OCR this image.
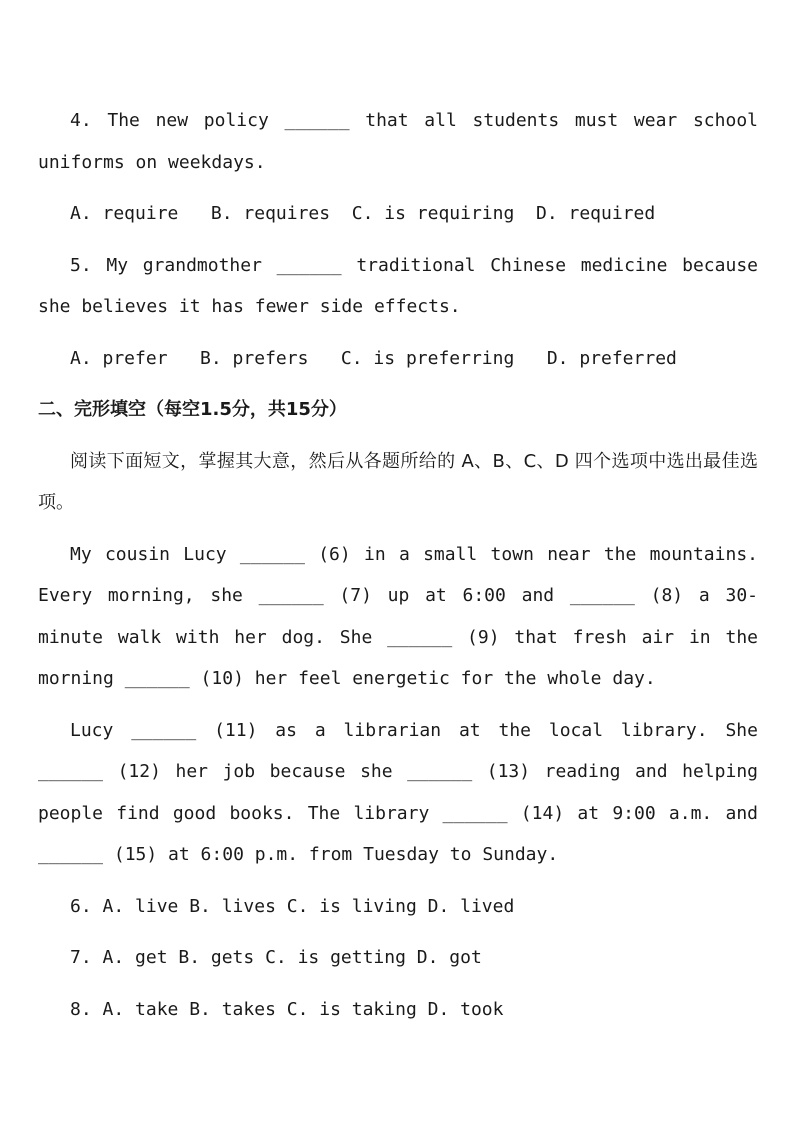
4. The new policy ______ that all students must wear school uniforms on weekdays.

A. require   B. requires  C. is requiring  D. required

5. My grandmother ______ traditional Chinese medicine because she believes it has fewer side effects.

A. prefer   B. prefers   C. is preferring   D. preferred

二、完形填空（每空1.5分，共15分）

阅读下面短文，掌握其大意，然后从各题所给的 A、B、C、D 四个选项中选出最佳选项。

My cousin Lucy ______ (6) in a small town near the mountains. Every morning, she ______ (7) up at 6:00 and ______ (8) a 30-minute walk with her dog. She ______ (9) that fresh air in the morning ______ (10) her feel energetic for the whole day.

Lucy ______ (11) as a librarian at the local library. She ______ (12) her job because she ______ (13) reading and helping people find good books. The library ______ (14) at 9:00 a.m. and ______ (15) at 6:00 p.m. from Tuesday to Sunday.

6. A. live B. lives C. is living D. lived

7. A. get B. gets C. is getting D. got

8. A. take B. takes C. is taking D. took
